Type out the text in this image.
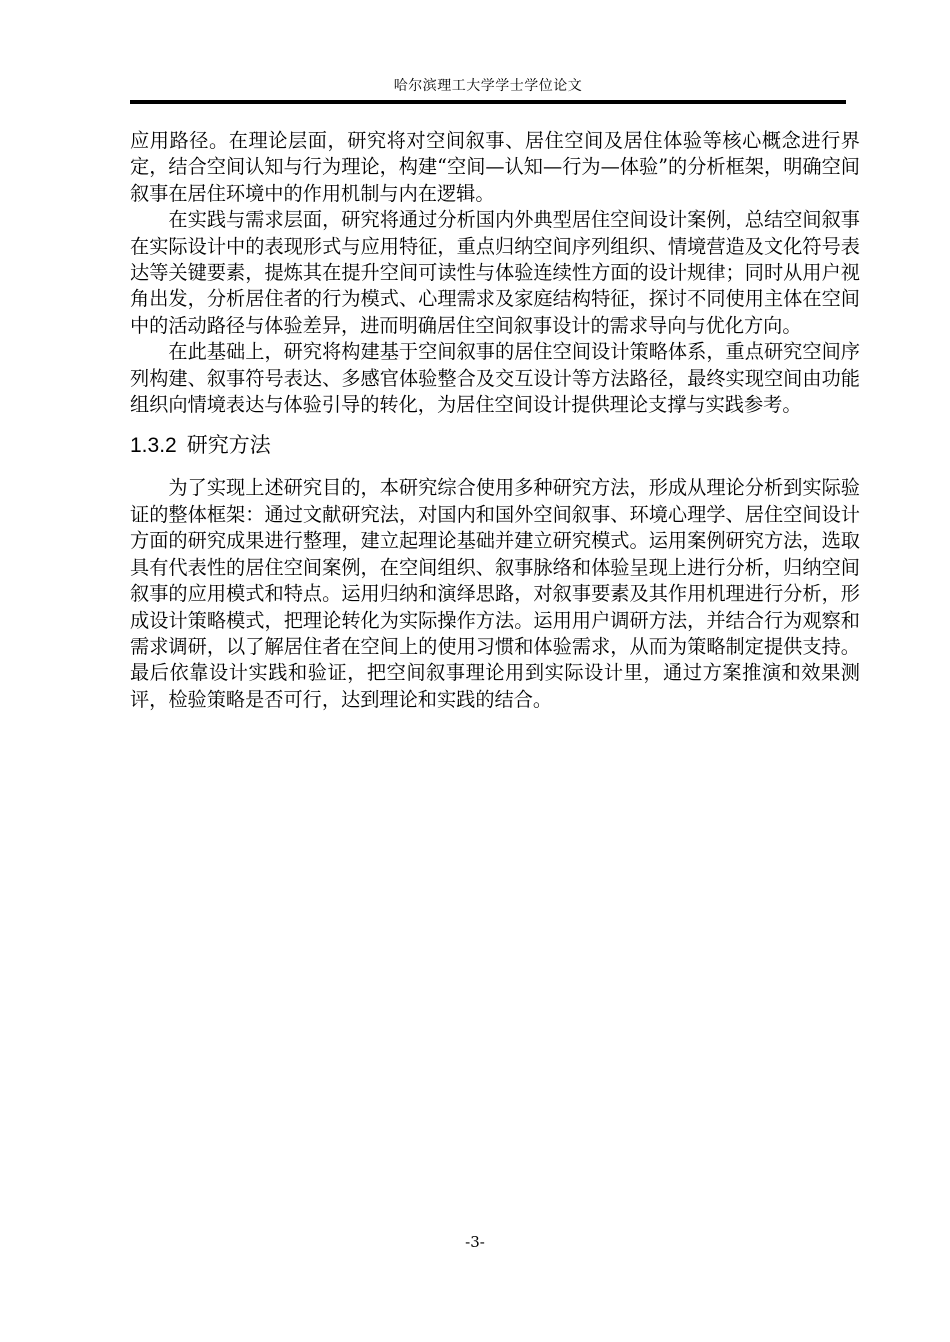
哈尔滨理工大学学士学位论文

应用路径。在理论层面，研究将对空间叙事、居住空间及居住体验等核心概念进行界定，结合空间认知与行为理论，构建“空间—认知—行为—体验”的分析框架，明确空间叙事在居住环境中的作用机制与内在逻辑。

在实践与需求层面，研究将通过分析国内外典型居住空间设计案例，总结空间叙事在实际设计中的表现形式与应用特征，重点归纳空间序列组织、情境营造及文化符号表达等关键要素，提炼其在提升空间可读性与体验连续性方面的设计规律；同时从用户视角出发，分析居住者的行为模式、心理需求及家庭结构特征，探讨不同使用主体在空间中的活动路径与体验差异，进而明确居住空间叙事设计的需求导向与优化方向。

在此基础上，研究将构建基于空间叙事的居住空间设计策略体系，重点研究空间序列构建、叙事符号表达、多感官体验整合及交互设计等方法路径，最终实现空间由功能组织向情境表达与体验引导的转化，为居住空间设计提供理论支撑与实践参考。

1.3.2 研究方法

为了实现上述研究目的，本研究综合使用多种研究方法，形成从理论分析到实际验证的整体框架：通过文献研究法，对国内和国外空间叙事、环境心理学、居住空间设计方面的研究成果进行整理，建立起理论基础并建立研究模式。运用案例研究方法，选取具有代表性的居住空间案例，在空间组织、叙事脉络和体验呈现上进行分析，归纳空间叙事的应用模式和特点。运用归纳和演绎思路，对叙事要素及其作用机理进行分析，形成设计策略模式，把理论转化为实际操作方法。运用用户调研方法，并结合行为观察和需求调研，以了解居住者在空间上的使用习惯和体验需求，从而为策略制定提供支持。最后依靠设计实践和验证，把空间叙事理论用到实际设计里，通过方案推演和效果测评，检验策略是否可行，达到理论和实践的结合。

-3-
